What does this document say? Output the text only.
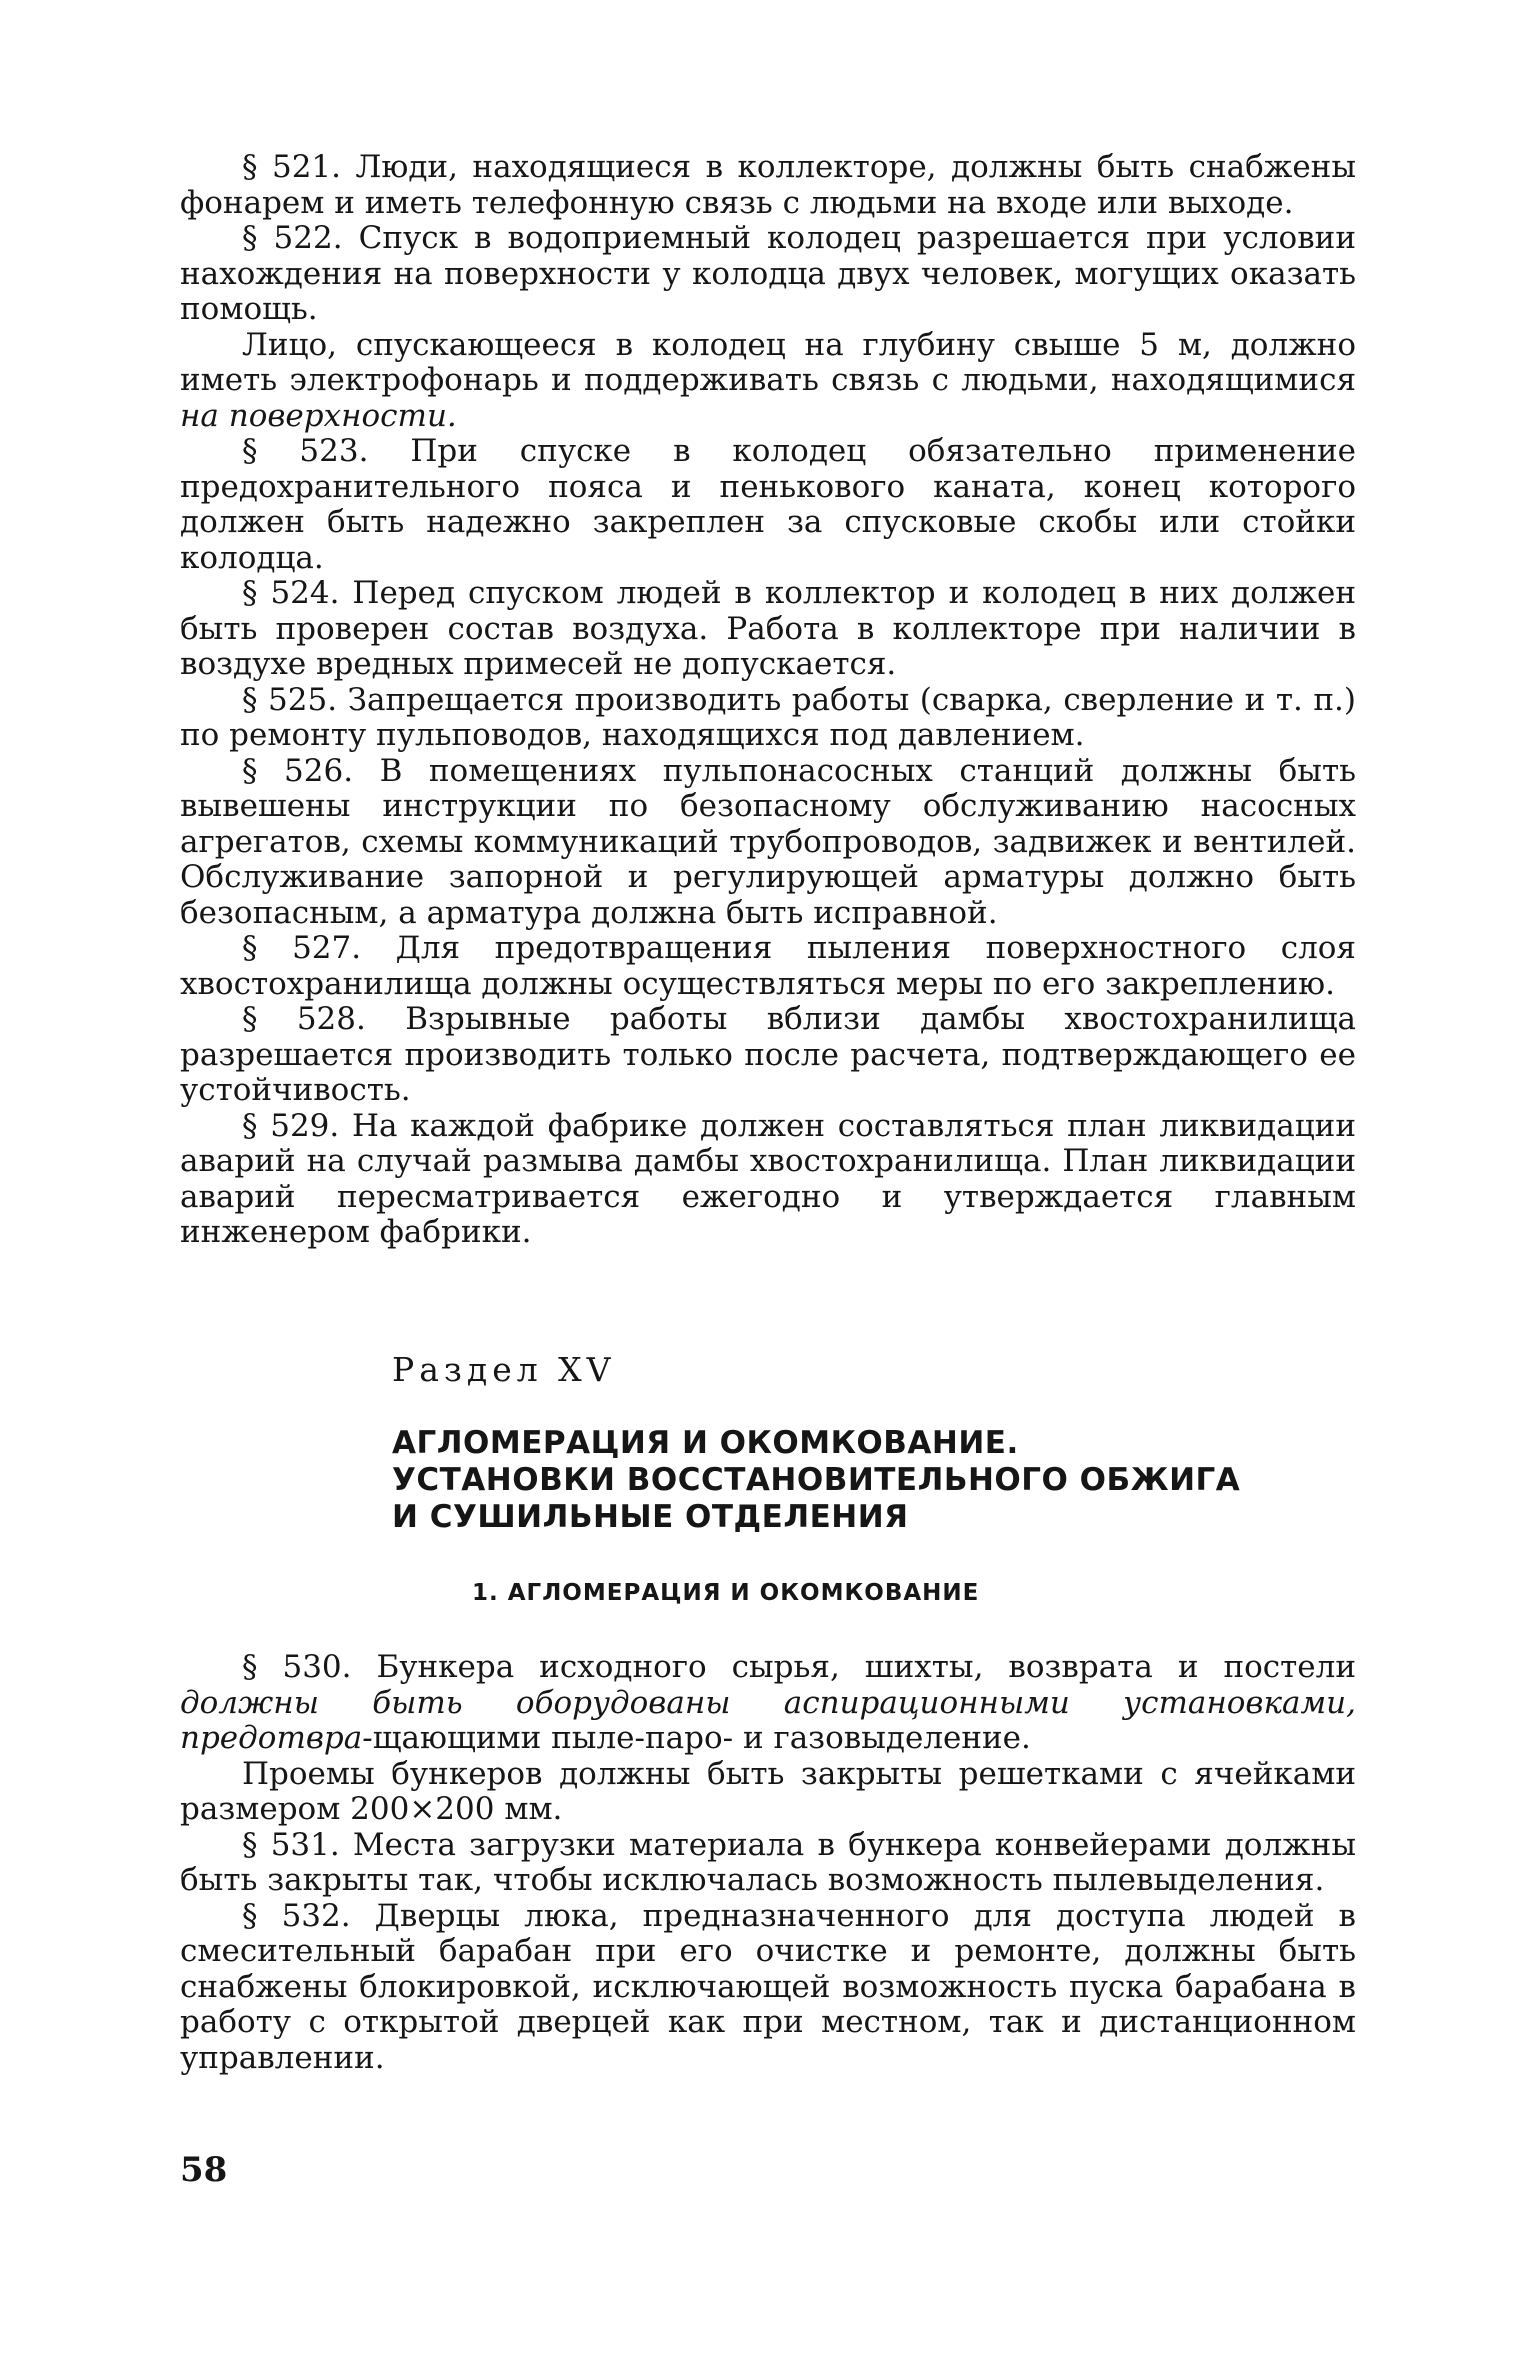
§ 521. Люди, находящиеся в коллекторе, должны быть снабжены фонарем и иметь телефонную связь с людьми на входе или выходе.

§ 522. Спуск в водоприемный колодец разрешается при условии нахождения на поверхности у колодца двух человек, могущих оказать помощь.

Лицо, спускающееся в колодец на глубину свыше 5 м, должно иметь электрофонарь и поддерживать связь с людьми, находящимися на поверхности.

§ 523. При спуске в колодец обязательно применение предохранительного пояса и пенькового каната, конец которого должен быть надежно закреплен за спусковые скобы или стойки колодца.

§ 524. Перед спуском людей в коллектор и колодец в них должен быть проверен состав воздуха. Работа в коллекторе при наличии в воздухе вредных примесей не допускается.

§ 525. Запрещается производить работы (сварка, сверление и т. п.) по ремонту пульповодов, находящихся под давлением.

§ 526. В помещениях пульпонасосных станций должны быть вывешены инструкции по безопасному обслуживанию насосных агрегатов, схемы коммуникаций трубопроводов, задвижек и вентилей. Обслуживание запорной и регулирующей арматуры должно быть безопасным, а арматура должна быть исправной.

§ 527. Для предотвращения пыления поверхностного слоя хвостохранилища должны осуществляться меры по его закреплению.

§ 528. Взрывные работы вблизи дамбы хвостохранилища разрешается производить только после расчета, подтверждающего ее устойчивость.

§ 529. На каждой фабрике должен составляться план ликвидации аварий на случай размыва дамбы хвостохранилища. План ликвидации аварий пересматривается ежегодно и утверждается главным инженером фабрики.

Раздел XV

АГЛОМЕРАЦИЯ И ОКОМКОВАНИЕ.
УСТАНОВКИ ВОССТАНОВИТЕЛЬНОГО ОБЖИГА
И СУШИЛЬНЫЕ ОТДЕЛЕНИЯ
1. АГЛОМЕРАЦИЯ И ОКОМКОВАНИЕ

§ 530. Бункера исходного сырья, шихты, возврата и постели должны быть оборудованы аспирационными установками, предотвра-щающими пыле-паро- и газовыделение.

Проемы бункеров должны быть закрыты решетками с ячейками размером 200×200 мм.

§ 531. Места загрузки материала в бункера конвейерами должны быть закрыты так, чтобы исключалась возможность пылевыделения.

§ 532. Дверцы люка, предназначенного для доступа людей в смесительный барабан при его очистке и ремонте, должны быть снабжены блокировкой, исключающей возможность пуска барабана в работу с открытой дверцей как при местном, так и дистанционном управлении.

58
